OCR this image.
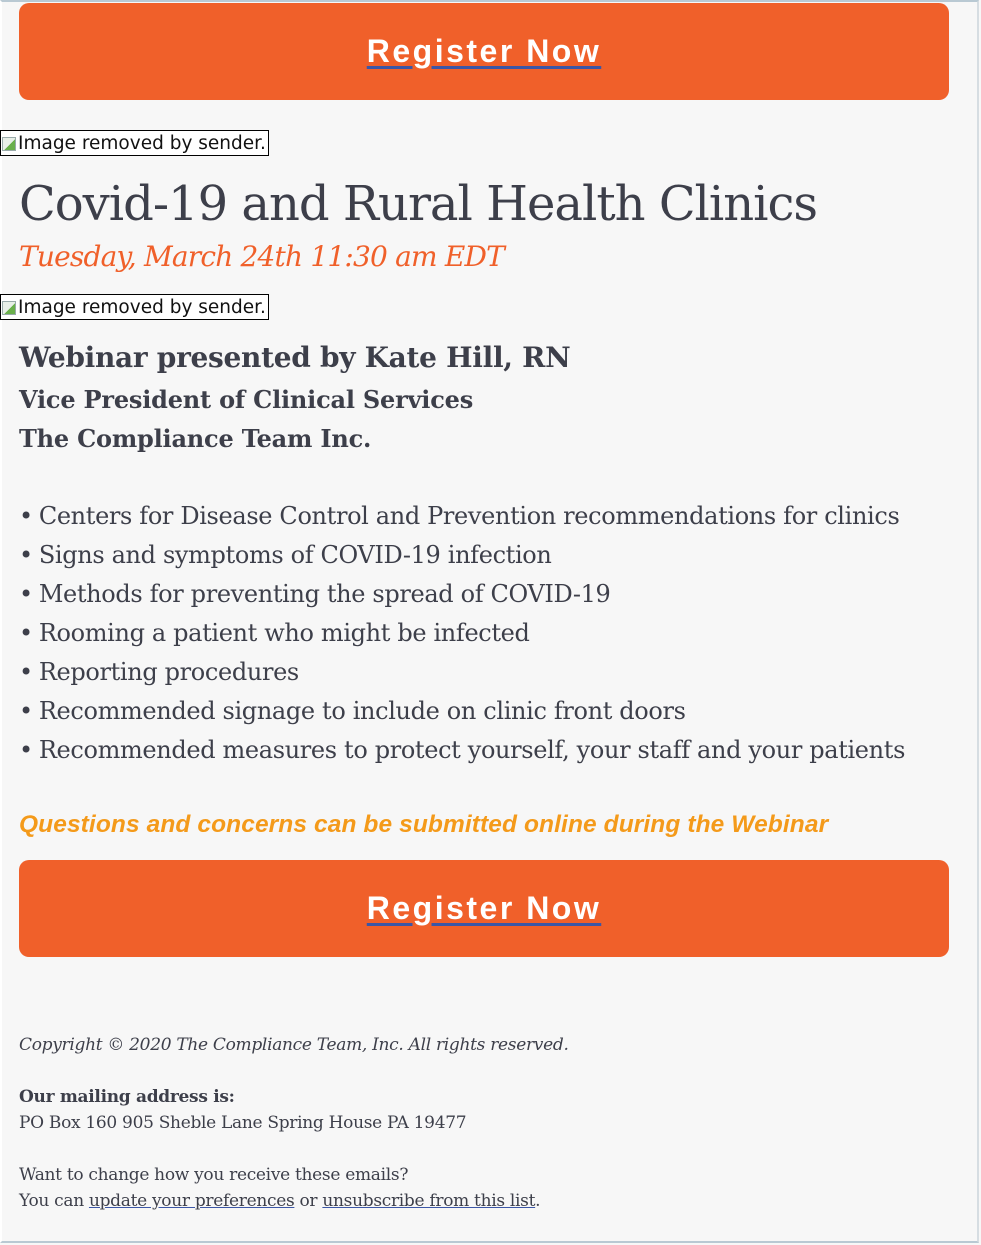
Register Now
Image removed by sender.
Covid-19 and Rural Health Clinics
Tuesday, March 24th 11:30 am EDT
Image removed by sender.
Webinar presented by Kate Hill, RN
Vice President of Clinical Services
The Compliance Team Inc.
• Centers for Disease Control and Prevention recommendations for clinics
• Signs and symptoms of COVID-19 infection
• Methods for preventing the spread of COVID-19
• Rooming a patient who might be infected
• Reporting procedures
• Recommended signage to include on clinic front doors
• Recommended measures to protect yourself, your staff and your patients
Questions and concerns can be submitted online during the Webinar
Register Now
Copyright © 2020 The Compliance Team, Inc. All rights reserved.
Our mailing address is:
PO Box 160 905 Sheble Lane Spring House PA 19477
Want to change how you receive these emails?
You can update your preferences or unsubscribe from this list.
